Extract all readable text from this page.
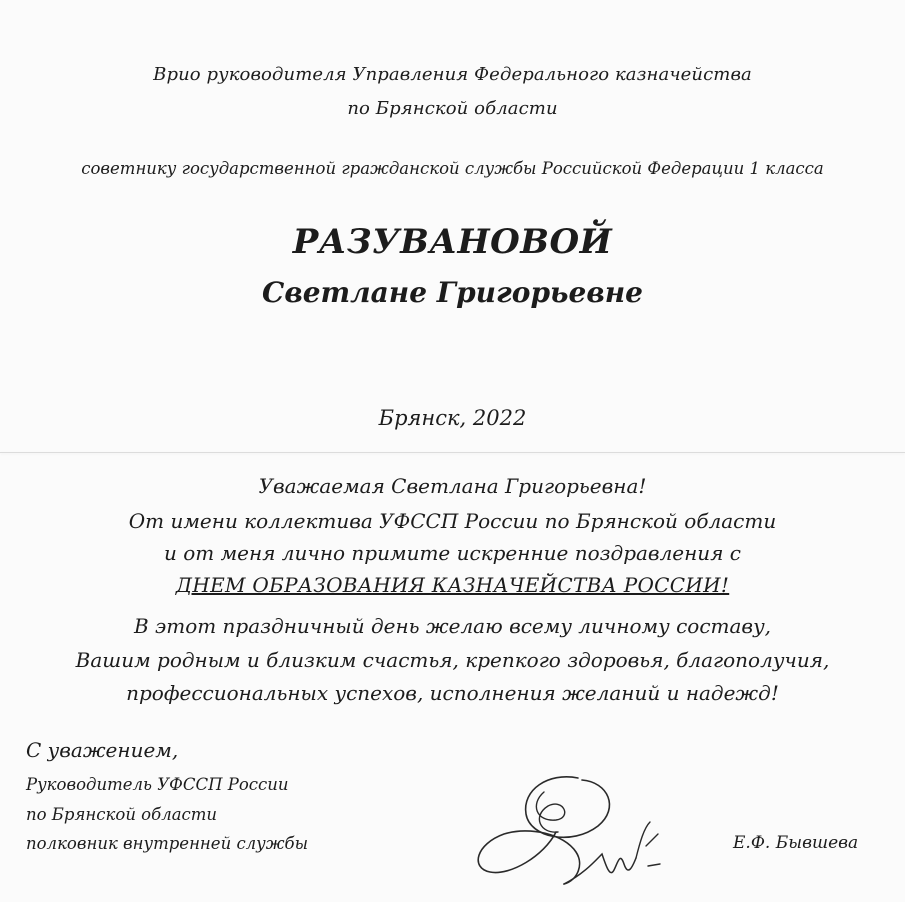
Врио руководителя Управления Федерального казначейства
по Брянской области
советнику государственной гражданской службы Российской Федерации 1 класса
РАЗУВАНОВОЙ
Светлане Григорьевне
Брянск, 2022
Уважаемая Светлана Григорьевна!
От имени коллектива УФССП России по Брянской области
и от меня лично примите искренние поздравления с
ДНЕМ ОБРАЗОВАНИЯ КАЗНАЧЕЙСТВА РОССИИ!
В этот праздничный день желаю всему личному составу,
Вашим родным и близким счастья, крепкого здоровья, благополучия,
профессиональных успехов, исполнения желаний и надежд!
С уважением,
Руководитель УФССП России
по Брянской области
полковник внутренней службы	Е.Ф. Бывшева
